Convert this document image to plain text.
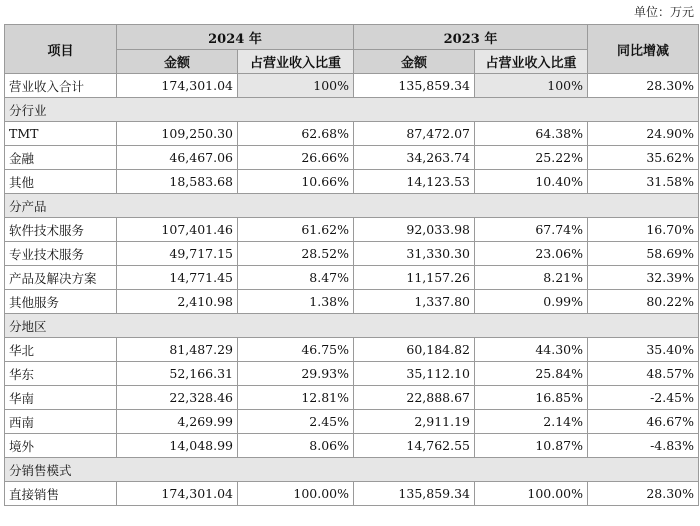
单位：万元
项目	2024 年		2023 年		同比增减
	金额	占营业收入比重	金额	占营业收入比重	
营业收入合计	174,301.04	100%	135,859.34	100%	28.30%
分行业					
TMT	109,250.30	62.68%	87,472.07	64.38%	24.90%
金融	46,467.06	26.66%	34,263.74	25.22%	35.62%
其他	18,583.68	10.66%	14,123.53	10.40%	31.58%
分产品					
软件技术服务	107,401.46	61.62%	92,033.98	67.74%	16.70%
专业技术服务	49,717.15	28.52%	31,330.30	23.06%	58.69%
产品及解决方案	14,771.45	8.47%	11,157.26	8.21%	32.39%
其他服务	2,410.98	1.38%	1,337.80	0.99%	80.22%
分地区					
华北	81,487.29	46.75%	60,184.82	44.30%	35.40%
华东	52,166.31	29.93%	35,112.10	25.84%	48.57%
华南	22,328.46	12.81%	22,888.67	16.85%	-2.45%
西南	4,269.99	2.45%	2,911.19	2.14%	46.67%
境外	14,048.99	8.06%	14,762.55	10.87%	-4.83%
分销售模式					
直接销售	174,301.04	100.00%	135,859.34	100.00%	28.30%
